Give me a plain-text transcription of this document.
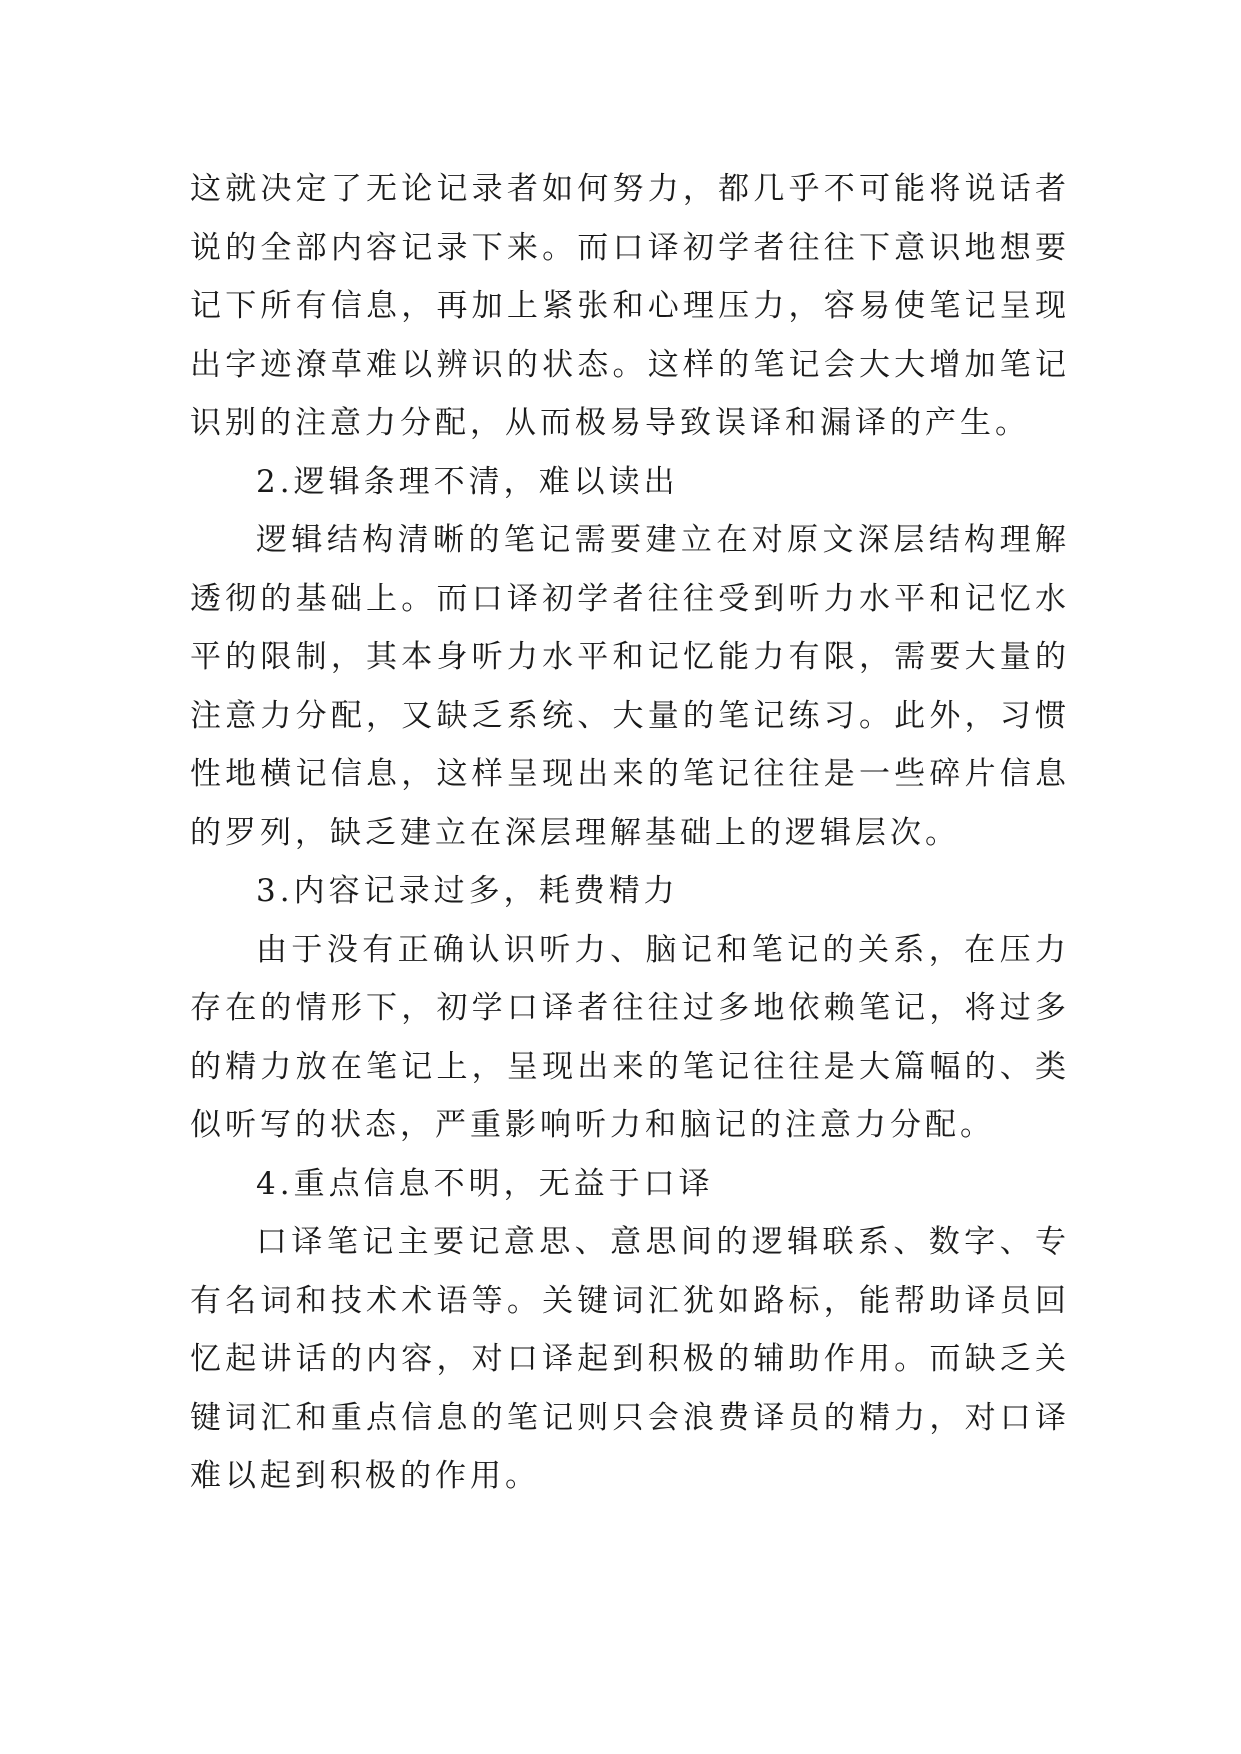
这就决定了无论记录者如何努力，都几乎不可能将说话者说的全部内容记录下来。而口译初学者往往下意识地想要记下所有信息，再加上紧张和心理压力，容易使笔记呈现出字迹潦草难以辨识的状态。这样的笔记会大大增加笔记识别的注意力分配，从而极易导致误译和漏译的产生。

2.逻辑条理不清，难以读出

逻辑结构清晰的笔记需要建立在对原文深层结构理解透彻的基础上。而口译初学者往往受到听力水平和记忆水平的限制，其本身听力水平和记忆能力有限，需要大量的注意力分配，又缺乏系统、大量的笔记练习。此外，习惯性地横记信息，这样呈现出来的笔记往往是一些碎片信息的罗列，缺乏建立在深层理解基础上的逻辑层次。

3.内容记录过多，耗费精力

由于没有正确认识听力、脑记和笔记的关系，在压力存在的情形下，初学口译者往往过多地依赖笔记，将过多的精力放在笔记上，呈现出来的笔记往往是大篇幅的、类似听写的状态，严重影响听力和脑记的注意力分配。

4.重点信息不明，无益于口译

口译笔记主要记意思、意思间的逻辑联系、数字、专有名词和技术术语等。关键词汇犹如路标，能帮助译员回忆起讲话的内容，对口译起到积极的辅助作用。而缺乏关键词汇和重点信息的笔记则只会浪费译员的精力，对口译难以起到积极的作用。
